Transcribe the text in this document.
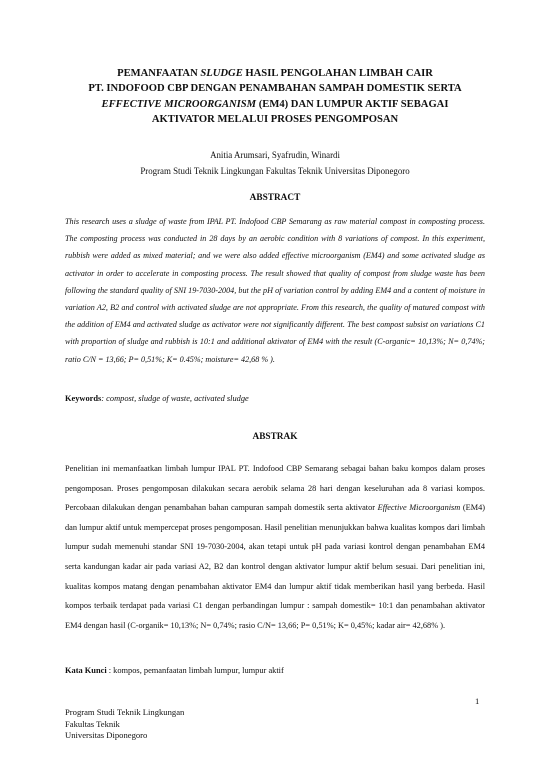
PEMANFAATAN SLUDGE HASIL PENGOLAHAN LIMBAH CAIR
PT. INDOFOOD CBP DENGAN PENAMBAHAN SAMPAH DOMESTIK SERTA
EFFECTIVE MICROORGANISM (EM4) DAN LUMPUR AKTIF SEBAGAI
AKTIVATOR MELALUI PROSES PENGOMPOSAN
Anitia Arumsari, Syafrudin, Winardi
Program Studi Teknik Lingkungan Fakultas Teknik Universitas Diponegoro
ABSTRACT

This research uses a sludge of waste from IPAL PT. Indofood CBP Semarang as raw material compost in composting process. The composting process was conducted in 28 days by an aerobic condition with 8 variations of compost. In this experiment, rubbish were added as mixed material; and we were also added effective microorganism (EM4) and some activated sludge as activator in order to accelerate in composting process. The result showed that quality of compost from sludge waste has been following the standard quality of SNI 19-7030-2004, but the pH of variation control by adding EM4 and a content of moisture in variation A2, B2 and control with activated sludge are not appropriate. From this research, the quality of matured compost with the addition of EM4 and activated sludge as activator were not significantly different. The best compost subsist on variations C1 with proportion of sludge and rubbish is 10:1 and additional aktivator of EM4 with the result (C-organic= 10,13%; N= 0,74%; ratio C/N = 13,66; P= 0,51%; K= 0.45%; moisture= 42,68 % ).

Keywords: compost, sludge of waste, activated sludge
ABSTRAK

Penelitian ini memanfaatkan limbah lumpur IPAL PT. Indofood CBP Semarang sebagai bahan baku kompos dalam proses pengomposan. Proses pengomposan dilakukan secara aerobik selama 28 hari dengan keseluruhan ada 8 variasi kompos. Percobaan dilakukan dengan penambahan bahan campuran sampah domestik serta aktivator Effective Microorganism (EM4) dan lumpur aktif untuk mempercepat proses pengomposan. Hasil penelitian menunjukkan bahwa kualitas kompos dari limbah lumpur sudah memenuhi standar SNI 19-7030-2004, akan tetapi untuk pH pada variasi kontrol dengan penambahan EM4 serta kandungan kadar air pada variasi A2, B2 dan kontrol dengan aktivator lumpur aktif belum sesuai. Dari penelitian ini, kualitas kompos matang dengan penambahan aktivator EM4 dan lumpur aktif tidak memberikan hasil yang berbeda. Hasil kompos terbaik terdapat pada variasi C1 dengan perbandingan lumpur : sampah domestik= 10:1 dan penambahan aktivator EM4 dengan hasil (C-organik= 10,13%; N= 0,74%; rasio C/N= 13,66; P= 0,51%; K= 0,45%; kadar air= 42,68% ).

Kata Kunci : kompos, pemanfaatan limbah lumpur, lumpur aktif
1
Program Studi Teknik Lingkungan
Fakultas Teknik
Universitas Diponegoro
